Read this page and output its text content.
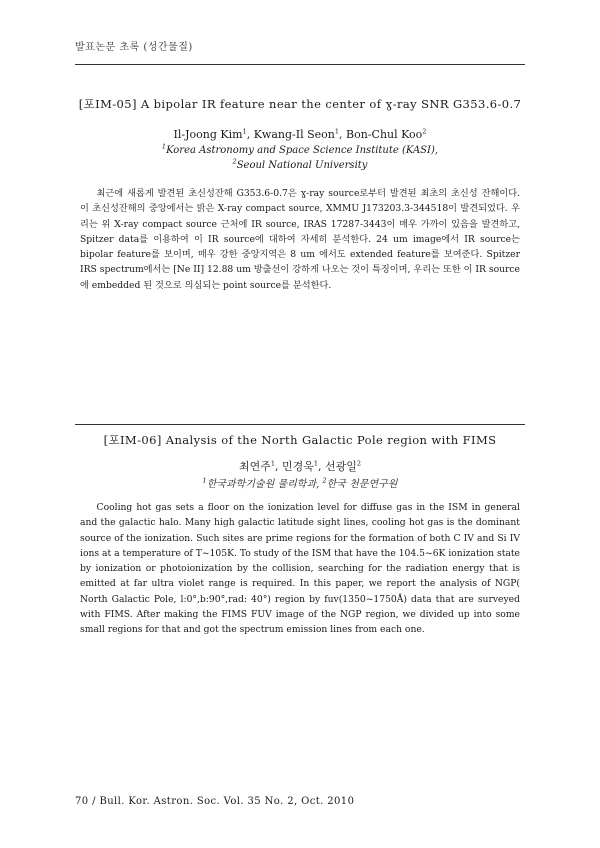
발표논문 초록 (성간물질)
[포IM-05] A bipolar IR feature near the center of ɣ-ray SNR G353.6-0.7
Il-Joong Kim$^1$, Kwang-Il Seon$^1$, Bon-Chul Koo$^2$
$^1$Korea Astronomy and Space Science Institute (KASI),
$^2$Seoul National University

최근에 새롭게 발견된 초신성잔해 G353.6-0.7은 ɣ-ray source로부터 발견된 최초의 초신성 잔해이다. 이 초신성잔해의 중앙에서는 밝은 X-ray compact source, XMMU J173203.3-344518이 발견되었다. 우리는 위 X-ray compact source 근처에 IR source, IRAS 17287-3443이 매우 가까이 있음을 발견하고, Spitzer data를 이용하여 이 IR source에 대하여 자세히 분석한다. 24 um image에서 IR source는 bipolar feature를 보이며, 매우 강한 중앙지역은 8 um 에서도 extended feature를 보여준다. Spitzer IRS spectrum에서는 [Ne II] 12.88 um 방출선이 강하게 나오는 것이 특징이며, 우리는 또한 이 IR source에 embedded 된 것으로 의심되는 point source를 분석한다.

[포IM-06] Analysis of the North Galactic Pole region with FIMS
최연주$^1$, 민경욱$^1$, 선광일$^2$
$^1$한국과학기술원 물리학과, $^2$한국 천문연구원

Cooling hot gas sets a floor on the ionization level for diffuse gas in the ISM in general and the galactic halo. Many high galactic latitude sight lines, cooling hot gas is the dominant source of the ionization. Such sites are prime regions for the formation of both C IV and Si IV ions at a temperature of T~105K. To study of the ISM that have the 104.5~6K ionization state by ionization or photoionization by the collision, searching for the radiation energy that is emitted at far ultra violet range is required. In this paper, we report the analysis of NGP( North Galactic Pole, l:0°,b:90°,rad: 40°) region by fuv(1350~1750Å) data that are surveyed with FIMS. After making the FIMS FUV image of the NGP region, we divided up into some small regions for that and got the spectrum emission lines from each one.

70 / Bull. Kor. Astron. Soc. Vol. 35 No. 2, Oct. 2010
